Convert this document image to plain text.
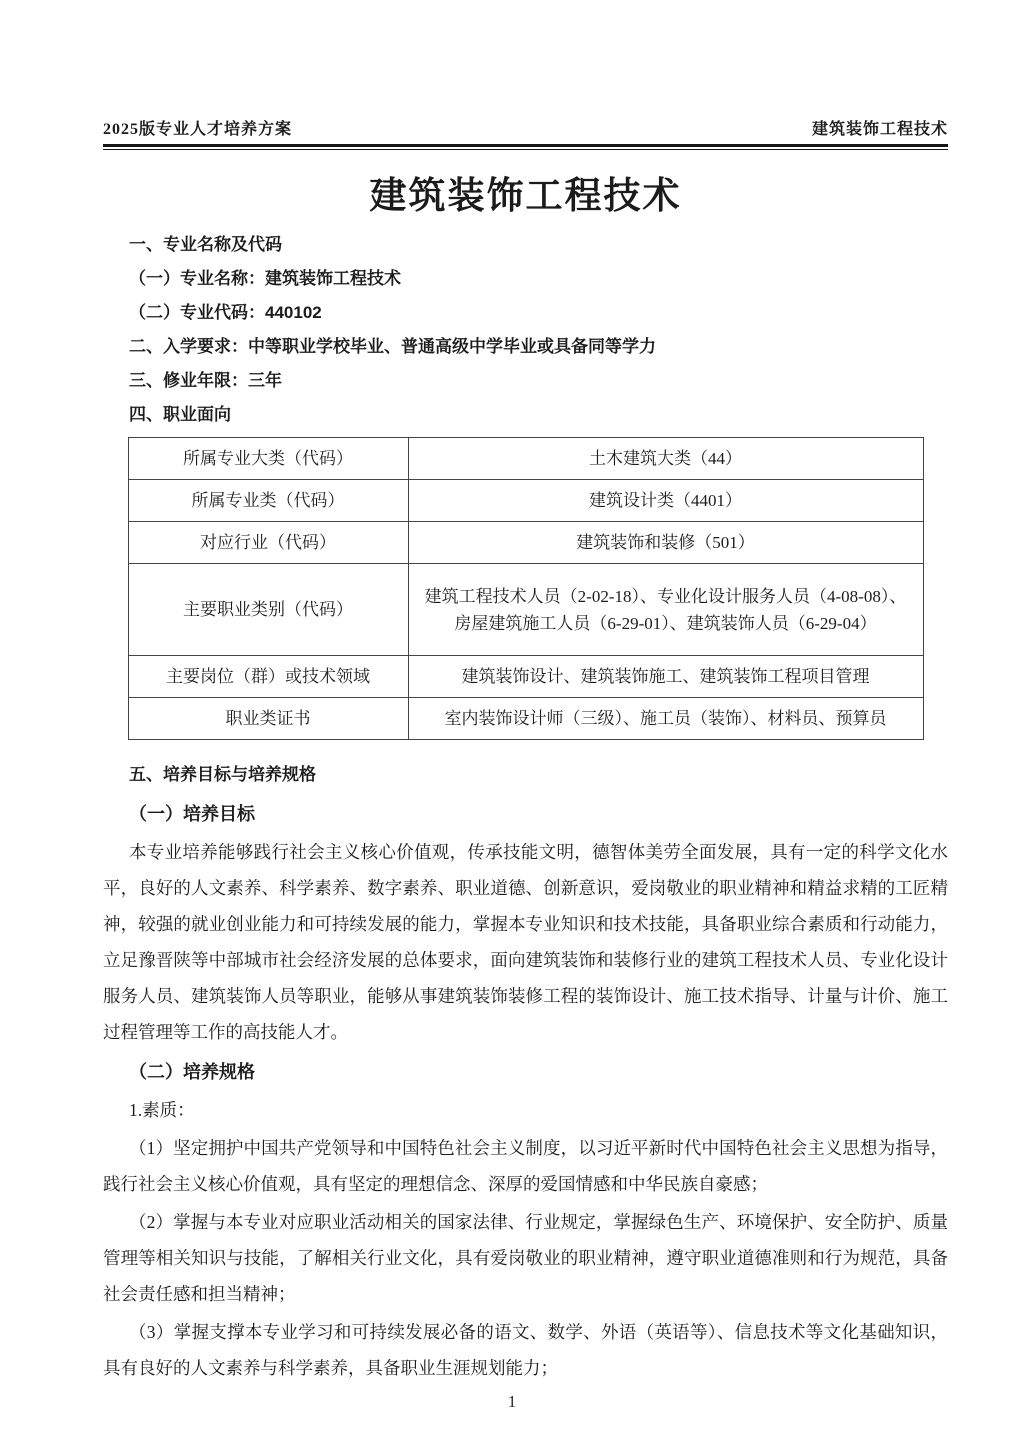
2025版专业人才培养方案	建筑装饰工程技术
建筑装饰工程技术
一、专业名称及代码
（一）专业名称：建筑装饰工程技术
（二）专业代码：440102
二、入学要求：中等职业学校毕业、普通高级中学毕业或具备同等学力
三、修业年限：三年
四、职业面向
所属专业大类（代码）	土木建筑大类（44）
所属专业类（代码）	建筑设计类（4401）
对应行业（代码）	建筑装饰和装修（501）
主要职业类别（代码）	建筑工程技术人员（2-02-18）、专业化设计服务人员（4-08-08）、房屋建筑施工人员（6-29-01）、建筑装饰人员（6-29-04）
主要岗位（群）或技术领域	建筑装饰设计、建筑装饰施工、建筑装饰工程项目管理
职业类证书	室内装饰设计师（三级）、施工员（装饰）、材料员、预算员
五、培养目标与培养规格
（一）培养目标

本专业培养能够践行社会主义核心价值观，传承技能文明，德智体美劳全面发展，具有一定的科学文化水平，良好的人文素养、科学素养、数字素养、职业道德、创新意识，爱岗敬业的职业精神和精益求精的工匠精神，较强的就业创业能力和可持续发展的能力，掌握本专业知识和技术技能，具备职业综合素质和行动能力，立足豫晋陕等中部城市社会经济发展的总体要求，面向建筑装饰和装修行业的建筑工程技术人员、专业化设计服务人员、建筑装饰人员等职业，能够从事建筑装饰装修工程的装饰设计、施工技术指导、计量与计价、施工过程管理等工作的高技能人才。

（二）培养规格

1.素质：

（1）坚定拥护中国共产党领导和中国特色社会主义制度，以习近平新时代中国特色社会主义思想为指导，践行社会主义核心价值观，具有坚定的理想信念、深厚的爱国情感和中华民族自豪感；

（2）掌握与本专业对应职业活动相关的国家法律、行业规定，掌握绿色生产、环境保护、安全防护、质量管理等相关知识与技能，了解相关行业文化，具有爱岗敬业的职业精神，遵守职业道德准则和行为规范，具备社会责任感和担当精神；

（3）掌握支撑本专业学习和可持续发展必备的语文、数学、外语（英语等）、信息技术等文化基础知识，具有良好的人文素养与科学素养，具备职业生涯规划能力；

1
